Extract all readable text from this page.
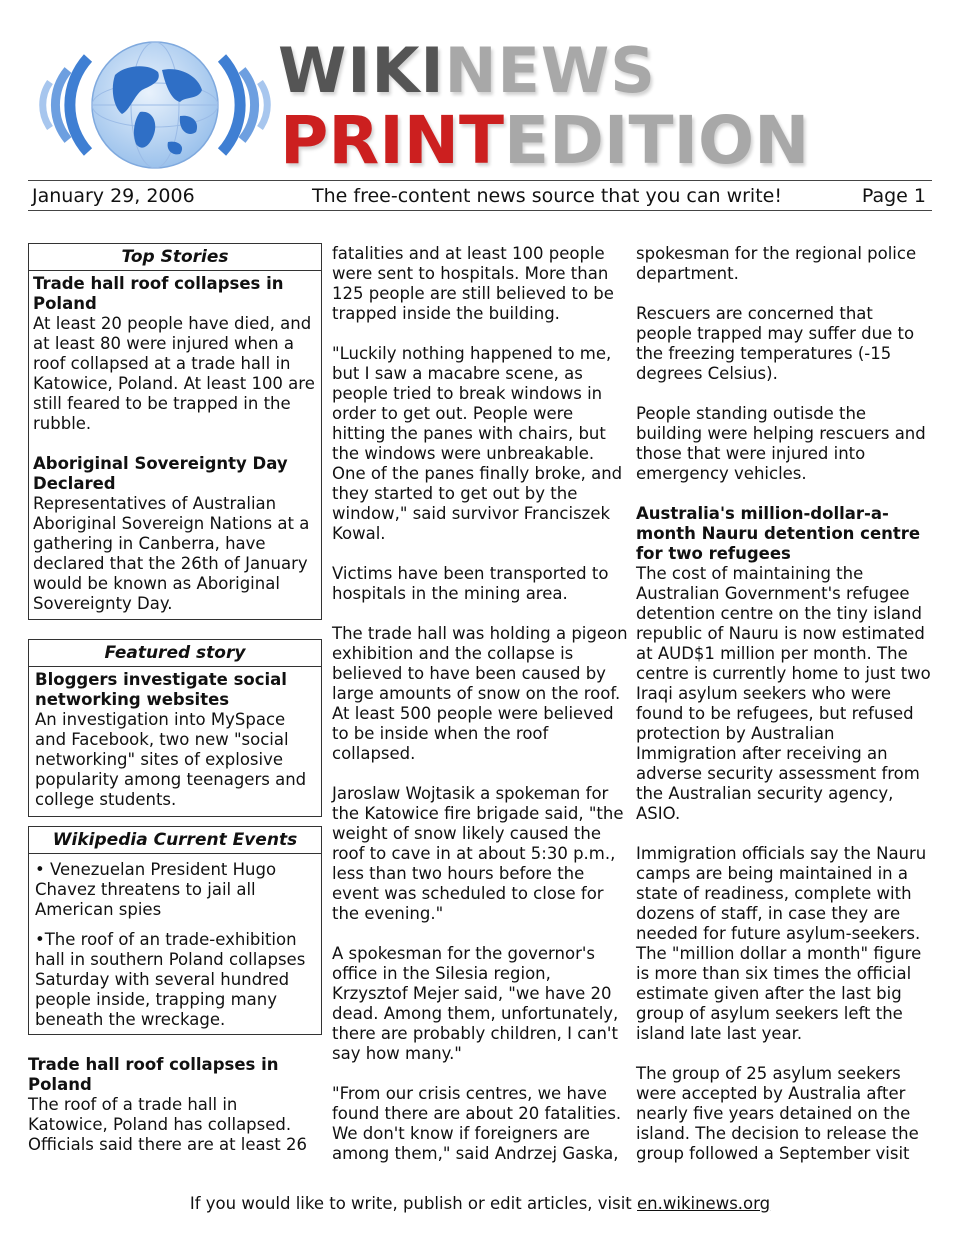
WIKINEWS
PRINTEDITION
January 29, 2006	The free-content news source that you can write!	Page 1
Top Stories
Trade hall roof collapses in Poland
At least 20 people have died, and at least 80 were injured when a roof collapsed at a trade hall in Katowice, Poland. At least 100 are still feared to be trapped in the rubble.
Aboriginal Sovereignty Day Declared
Representatives of Australian Aboriginal Sovereign Nations at a gathering in Canberra, have declared that the 26th of January would be known as Aboriginal Sovereignty Day.
Featured story
Bloggers investigate social networking websites
An investigation into MySpace and Facebook, two new "social networking" sites of explosive popularity among teenagers and college students.
Wikipedia Current Events
• Venezuelan President Hugo Chavez threatens to jail all American spies
•The roof of an trade-exhibition hall in southern Poland collapses Saturday with several hundred people inside, trapping many beneath the wreckage.
Trade hall roof collapses in Poland
The roof of a trade hall in Katowice, Poland has collapsed. Officials said there are at least 26

fatalities and at least 100 people were sent to hospitals. More than 125 people are still believed to be trapped inside the building.

"Luckily nothing happened to me, but I saw a macabre scene, as people tried to break windows in order to get out. People were hitting the panes with chairs, but the windows were unbreakable. One of the panes finally broke, and they started to get out by the window," said survivor Franciszek Kowal.

Victims have been transported to hospitals in the mining area.

The trade hall was holding a pigeon exhibition and the collapse is believed to have been caused by large amounts of snow on the roof. At least 500 people were believed to be inside when the roof collapsed.

Jaroslaw Wojtasik a spokeman for the Katowice fire brigade said, "the weight of snow likely caused the roof to cave in at about 5:30 p.m., less than two hours before the event was scheduled to close for the evening."

A spokesman for the governor's office in the Silesia region, Krzysztof Mejer said, "we have 20 dead. Among them, unfortunately, there are probably children, I can't say how many."

"From our crisis centres, we have found there are about 20 fatalities. We don't know if foreigners are among them," said Andrzej Gaska,

spokesman for the regional police department.

Rescuers are concerned that people trapped may suffer due to the freezing temperatures (-15 degrees Celsius).

People standing outisde the building were helping rescuers and those that were injured into emergency vehicles.

Australia's million-dollar-a-month Nauru detention centre for two refugees

The cost of maintaining the Australian Government's refugee detention centre on the tiny island republic of Nauru is now estimated at AUD$1 million per month. The centre is currently home to just two Iraqi asylum seekers who were found to be refugees, but refused protection by Australian Immigration after receiving an adverse security assessment from the Australian security agency, ASIO.

Immigration officials say the Nauru camps are being maintained in a state of readiness, complete with dozens of staff, in case they are needed for future asylum-seekers. The "million dollar a month" figure is more than six times the official estimate given after the last big group of asylum seekers left the island late last year.

The group of 25 asylum seekers were accepted by Australia after nearly five years detained on the island. The decision to release the group followed a September visit

If you would like to write, publish or edit articles, visit en.wikinews.org
